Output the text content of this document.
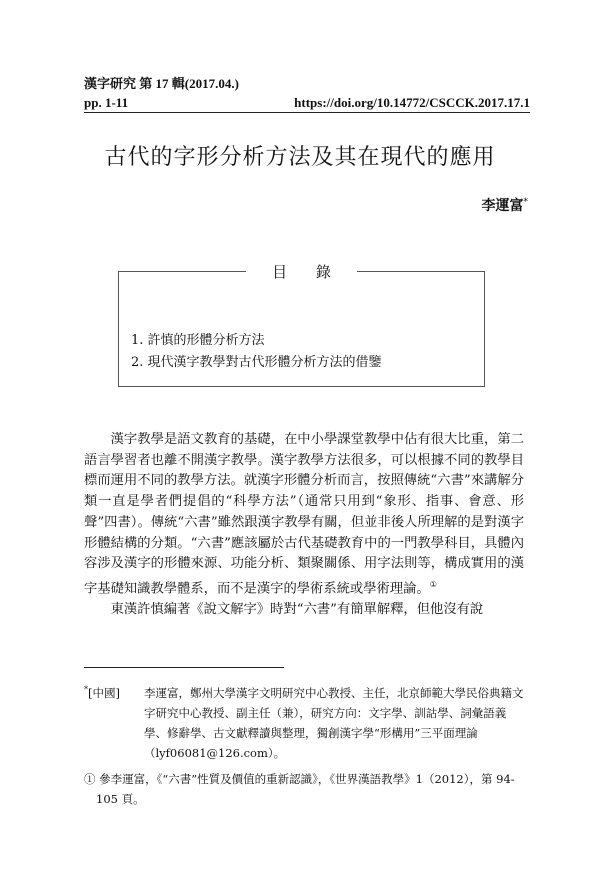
漢字研究 第 17 輯(2017.04.)
pp. 1-11	https://doi.org/10.14772/CSCCK.2017.17.1
古代的字形分析方法及其在現代的應用
李運富*
目 錄
1. 許慎的形體分析方法
2. 現代漢字教學對古代形體分析方法的借鑒

漢字教學是語文教育的基礎，在中小學課堂教學中佔有很大比重，第二語言學習者也離不開漢字教學。漢字教學方法很多，可以根據不同的教學目標而運用不同的教學方法。就漢字形體分析而言，按照傳統“六書”來講解分類一直是學者們提倡的“科學方法”（通常只用到“象形、指事、會意、形聲”四書）。傳統“六書”雖然跟漢字教學有關，但並非後人所理解的是對漢字形體結構的分類。“六書”應該屬於古代基礎教育中的一門教學科目，具體內容涉及漢字的形體來源、功能分析、類聚關係、用字法則等，構成實用的漢字基礎知識教學體系，而不是漢字的學術系統或學術理論。①

東漢許慎編著《說文解字》時對“六書”有簡單解釋，但他沒有說

*[中國] 李運富，鄭州大學漢字文明研究中心教授、主任，北京師範大學民俗典籍文字研究中心教授、副主任（兼），研究方向：文字學、訓詁學、詞彙語義學、修辭學、古文獻釋讀與整理，獨創漢字學“形構用”三平面理論（lyf06081@126.com）。
① 參李運富，《“六書”性質及價值的重新認識》，《世界漢語教學》1（2012），第 94-105 頁。
